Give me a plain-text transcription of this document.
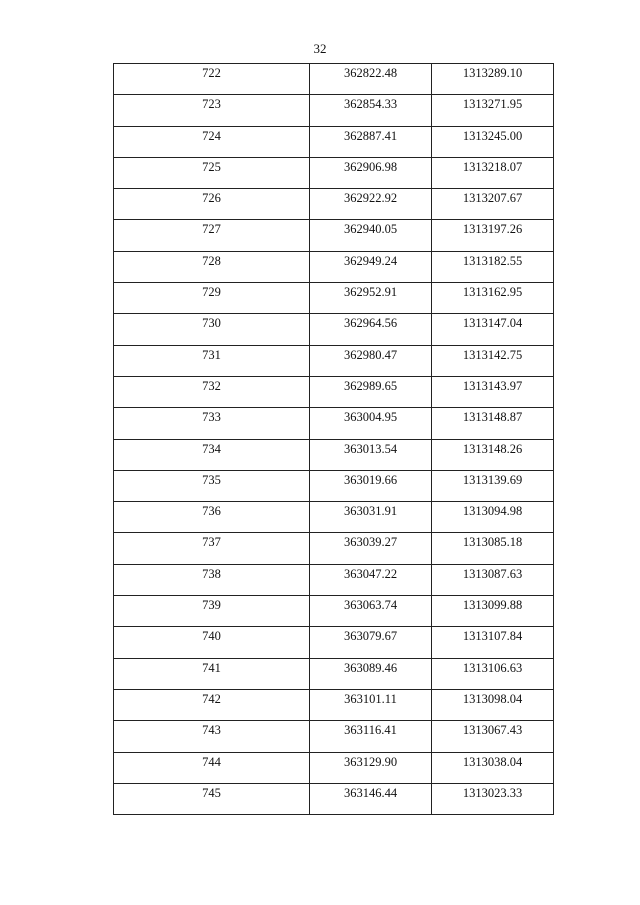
32
722	362822.48	1313289.10

723	362854.33	1313271.95

724	362887.41	1313245.00

725	362906.98	1313218.07

726	362922.92	1313207.67

727	362940.05	1313197.26

728	362949.24	1313182.55

729	362952.91	1313162.95

730	362964.56	1313147.04

731	362980.47	1313142.75

732	362989.65	1313143.97

733	363004.95	1313148.87

734	363013.54	1313148.26

735	363019.66	1313139.69

736	363031.91	1313094.98

737	363039.27	1313085.18

738	363047.22	1313087.63

739	363063.74	1313099.88

740	363079.67	1313107.84

741	363089.46	1313106.63

742	363101.11	1313098.04

743	363116.41	1313067.43

744	363129.90	1313038.04

745	363146.44	1313023.33
